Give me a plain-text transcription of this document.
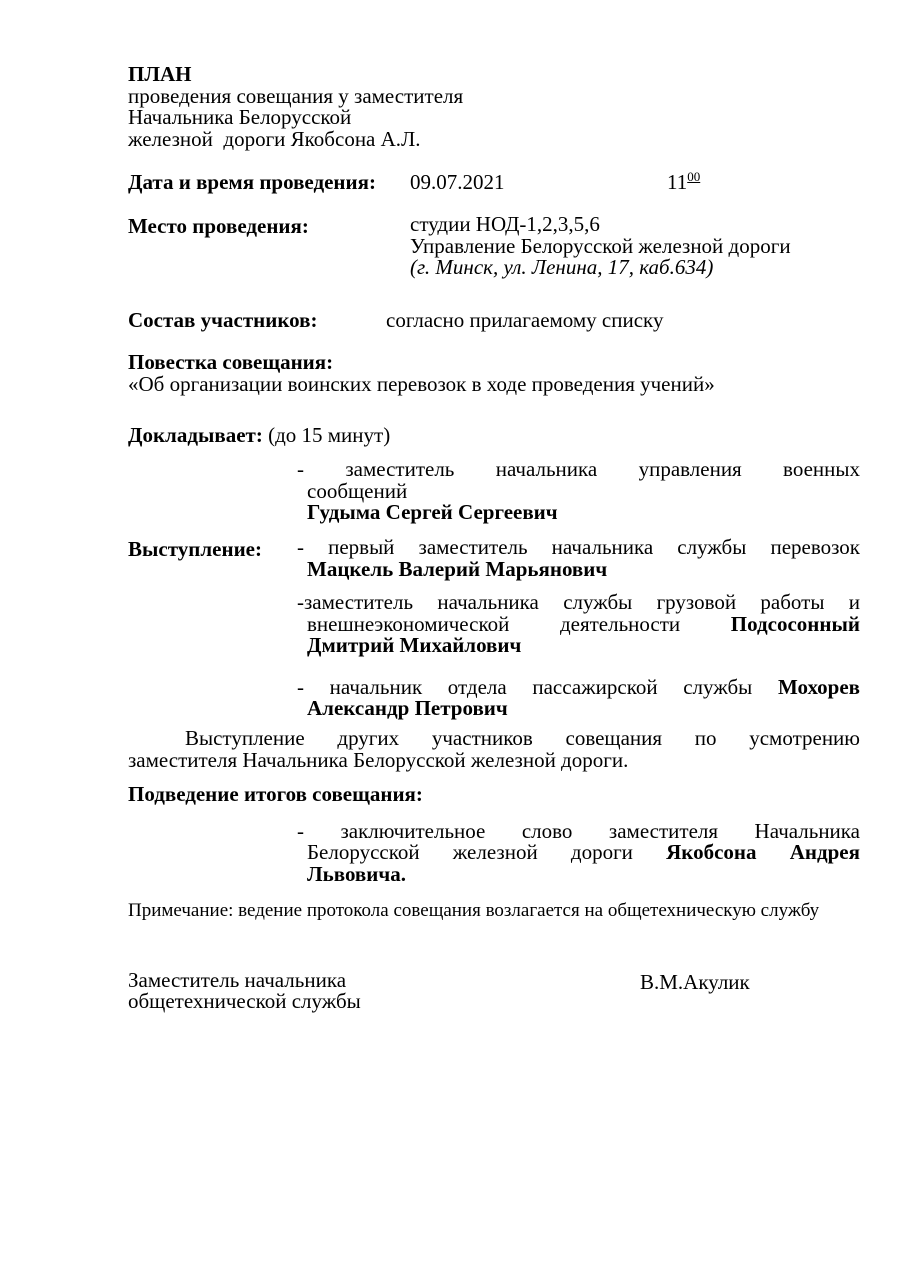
ПЛАН
проведения совещания у заместителя
Начальника Белорусской
железной  дороги Якобсона А.Л.
Дата и время проведения: 09.07.2021	$11^{00}$
Место проведения:	студии НОД-1,2,3,5,6
Управление Белорусской железной дороги
(г. Минск, ул. Ленина, 17, каб.634)
Состав участников:	согласно прилагаемому списку
Повестка совещания:
«Об организации воинских перевозок в ходе проведения учений»
Докладывает: (до 15 минут)
- заместитель начальника управления военных
сообщений
Гудыма Сергей Сергеевич
Выступление: - первый заместитель начальника службы перевозок
Мацкель Валерий Марьянович
-заместитель начальника службы грузовой работы и
внешнеэкономической деятельности Подсосонный
Дмитрий Михайлович
- начальник отдела пассажирской службы Мохорев
Александр Петрович
Выступление других участников совещания по усмотрению
заместителя Начальника Белорусской железной дороги.
Подведение итогов совещания:
- заключительное слово заместителя Начальника
Белорусской железной дороги Якобсона Андрея
Львовича.
Примечание: ведение протокола совещания возлагается на общетехническую службу
Заместитель начальника
общетехнической службы
В.М.Акулик
